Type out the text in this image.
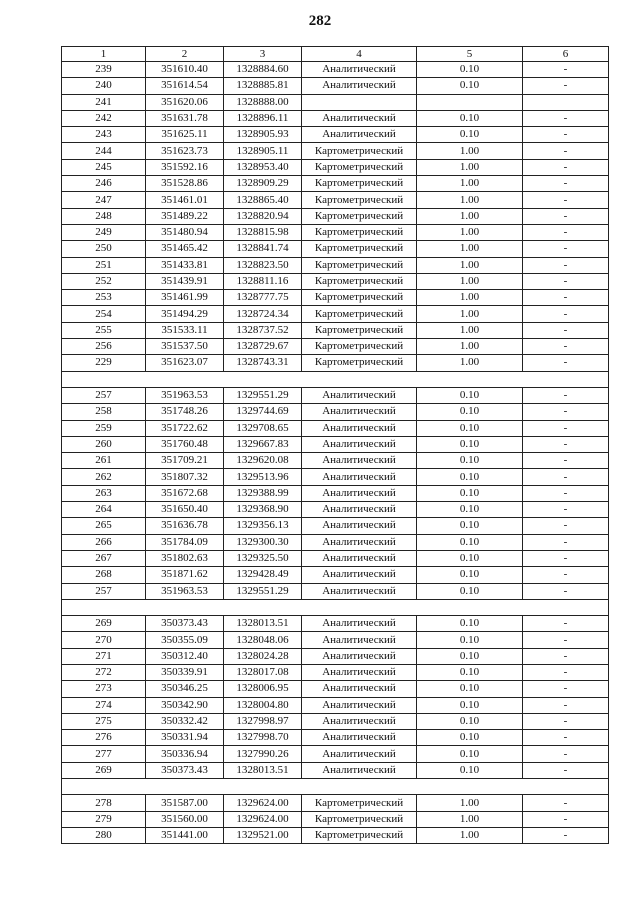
282
1	2	3	4	5	6
239	351610.40	1328884.60	Аналитический	0.10	-
240	351614.54	1328885.81	Аналитический	0.10	-
241	351620.06	1328888.00			
242	351631.78	1328896.11	Аналитический	0.10	-
243	351625.11	1328905.93	Аналитический	0.10	-
244	351623.73	1328905.11	Картометрический	1.00	-
245	351592.16	1328953.40	Картометрический	1.00	-
246	351528.86	1328909.29	Картометрический	1.00	-
247	351461.01	1328865.40	Картометрический	1.00	-
248	351489.22	1328820.94	Картометрический	1.00	-
249	351480.94	1328815.98	Картометрический	1.00	-
250	351465.42	1328841.74	Картометрический	1.00	-
251	351433.81	1328823.50	Картометрический	1.00	-
252	351439.91	1328811.16	Картометрический	1.00	-
253	351461.99	1328777.75	Картометрический	1.00	-
254	351494.29	1328724.34	Картометрический	1.00	-
255	351533.11	1328737.52	Картометрический	1.00	-
256	351537.50	1328729.67	Картометрический	1.00	-
229	351623.07	1328743.31	Картометрический	1.00	-

257	351963.53	1329551.29	Аналитический	0.10	-
258	351748.26	1329744.69	Аналитический	0.10	-
259	351722.62	1329708.65	Аналитический	0.10	-
260	351760.48	1329667.83	Аналитический	0.10	-
261	351709.21	1329620.08	Аналитический	0.10	-
262	351807.32	1329513.96	Аналитический	0.10	-
263	351672.68	1329388.99	Аналитический	0.10	-
264	351650.40	1329368.90	Аналитический	0.10	-
265	351636.78	1329356.13	Аналитический	0.10	-
266	351784.09	1329300.30	Аналитический	0.10	-
267	351802.63	1329325.50	Аналитический	0.10	-
268	351871.62	1329428.49	Аналитический	0.10	-
257	351963.53	1329551.29	Аналитический	0.10	-

269	350373.43	1328013.51	Аналитический	0.10	-
270	350355.09	1328048.06	Аналитический	0.10	-
271	350312.40	1328024.28	Аналитический	0.10	-
272	350339.91	1328017.08	Аналитический	0.10	-
273	350346.25	1328006.95	Аналитический	0.10	-
274	350342.90	1328004.80	Аналитический	0.10	-
275	350332.42	1327998.97	Аналитический	0.10	-
276	350331.94	1327998.70	Аналитический	0.10	-
277	350336.94	1327990.26	Аналитический	0.10	-
269	350373.43	1328013.51	Аналитический	0.10	-

278	351587.00	1329624.00	Картометрический	1.00	-
279	351560.00	1329624.00	Картометрический	1.00	-
280	351441.00	1329521.00	Картометрический	1.00	-
